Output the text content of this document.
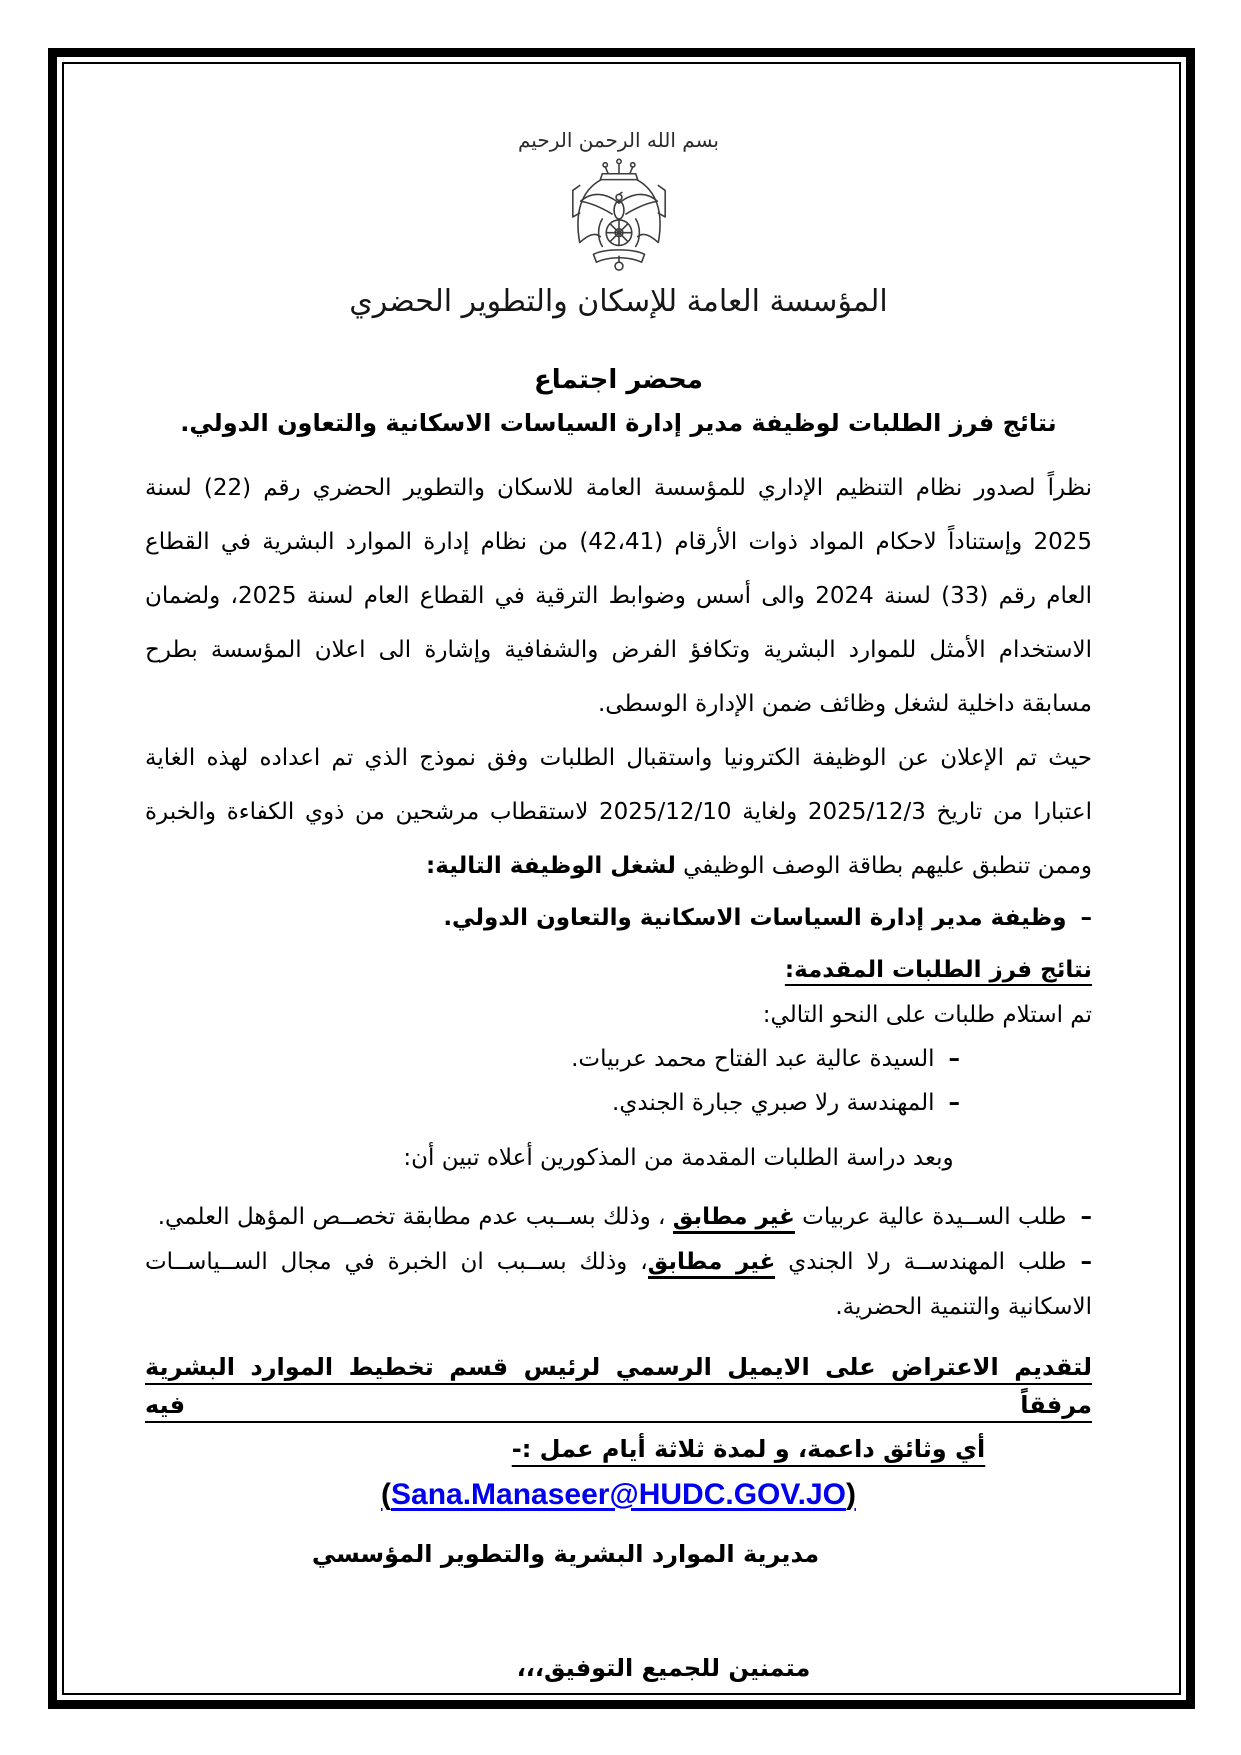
بسم الله الرحمن الرحيم
المؤسسة العامة للإسكان والتطوير الحضري
محضر اجتماع
نتائج فرز الطلبات لوظيفة مدير إدارة السياسات الاسكانية والتعاون الدولي.

نظراً لصدور نظام التنظيم الإداري للمؤسسة العامة للاسكان والتطوير الحضري رقم (22) لسنة 2025 وإستناداً لاحكام المواد ذوات الأرقام (42،41) من نظام إدارة الموارد البشرية في القطاع العام رقم (33) لسنة 2024 والى أسس وضوابط الترقية في القطاع العام لسنة 2025، ولضمان الاستخدام الأمثل للموارد البشرية وتكافؤ الفرض والشفافية وإشارة الى اعلان المؤسسة بطرح مسابقة داخلية لشغل وظائف ضمن الإدارة الوسطى.

حيث تم الإعلان عن الوظيفة الكترونيا واستقبال الطلبات وفق نموذج الذي تم اعداده لهذه الغاية اعتبارا من تاريخ 2025/12/3 ولغاية 2025/12/10 لاستقطاب مرشحين من ذوي الكفاءة والخبرة وممن تنطبق عليهم بطاقة الوصف الوظيفي لشغل الوظيفة التالية:

–وظيفة مدير إدارة السياسات الاسكانية والتعاون الدولي.

نتائج فرز الطلبات المقدمة:

تم استلام طلبات على النحو التالي:

–السيدة عالية عبد الفتاح محمد عربيات.

–المهندسة رلا صبري جبارة الجندي.

وبعد دراسة الطلبات المقدمة من المذكورين أعلاه تبين أن:

–طلب الســيدة عالية عربيات غير مطابق ، وذلك بســبب عدم مطابقة تخصــص المؤهل العلمي.

–طلب المهندســة رلا الجندي غير مطابق، وذلك بســبب ان الخبرة في مجال الســياســات الاسكانية والتنمية الحضرية.

لتقديم الاعتراض على الايميل الرسمي لرئيس قسم تخطيط الموارد البشرية مرفقاً فيه

أي وثائق داعمة، و لمدة ثلاثة أيام عمل :-

(Sana.Manaseer@HUDC.GOV.JO)

مديرية الموارد البشرية والتطوير المؤسسي

متمنين للجميع التوفيق،،،
